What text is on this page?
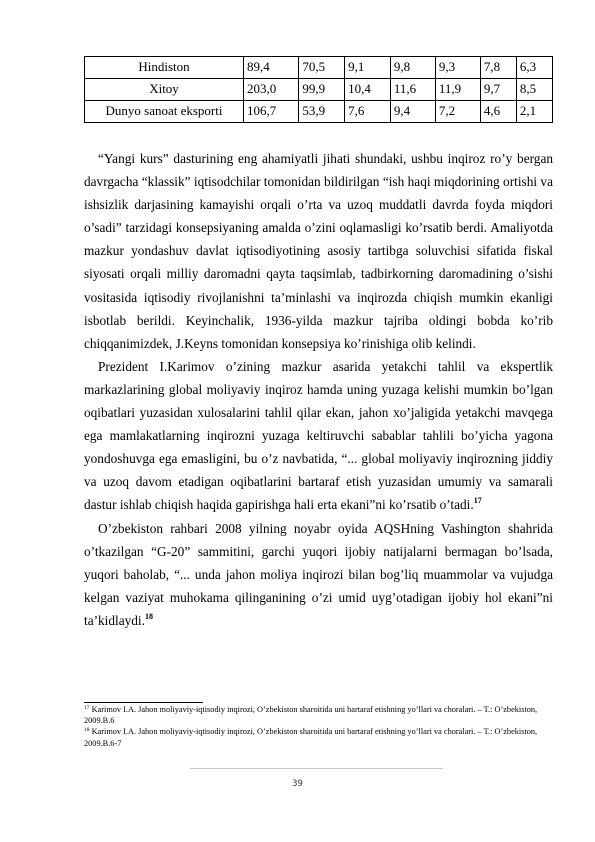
Hindiston	89,4	70,5	9,1	9,8	9,3	7,8	6,3
Xitoy	203,0	99,9	10,4	11,6	11,9	9,7	8,5
Dunyo sanoat eksporti	106,7	53,9	7,6	9,4	7,2	4,6	2,1

“Yangi kurs” dasturining eng ahamiyatli jihati shundaki, ushbu inqiroz ro’y bergan davrgacha “klassik” iqtisodchilar tomonidan bildirilgan “ish haqi miqdorining ortishi va ishsizlik darjasining kamayishi orqali o’rta va uzoq muddatli davrda foyda miqdori o’sadi” tarzidagi konsepsiyaning amalda o’zini oqlamasligi ko’rsatib berdi. Amaliyotda mazkur yondashuv davlat iqtisodiyotining asosiy tartibga soluvchisi sifatida fiskal siyosati orqali milliy daromadni qayta taqsimlab, tadbirkorning daromadining o’sishi vositasida iqtisodiy rivojlanishni ta’minlashi va inqirozda chiqish mumkin ekanligi isbotlab berildi. Keyinchalik, 1936-yilda mazkur tajriba oldingi bobda ko’rib chiqqanimizdek, J.Keyns tomonidan konsepsiya ko’rinishiga olib kelindi.

Prezident I.Karimov o’zining mazkur asarida yetakchi tahlil va ekspertlik markazlarining global moliyaviy inqiroz hamda uning yuzaga kelishi mumkin bo’lgan oqibatlari yuzasidan xulosalarini tahlil qilar ekan, jahon xo’jaligida yetakchi mavqega ega mamlakatlarning inqirozni yuzaga keltiruvchi sabablar tahlili bo’yicha yagona yondoshuvga ega emasligini, bu o’z navbatida, “... global moliyaviy inqirozning jiddiy va uzoq davom etadigan oqibatlarini bartaraf etish yuzasidan umumiy va samarali dastur ishlab chiqish haqida gapirishga hali erta ekani”ni ko’rsatib o’tadi.$^{17}$

O’zbekiston rahbari 2008 yilning noyabr oyida AQSHning Vashington shahrida o’tkazilgan “G-20” sammitini, garchi yuqori ijobiy natijalarni bermagan bo’lsada, yuqori baholab, “... unda jahon moliya inqirozi bilan bog’liq muammolar va vujudga kelgan vaziyat muhokama qilinganining o’zi umid uyg’otadigan ijobiy hol ekani”ni ta’kidlaydi.$^{18}$

$^{17}$ Karimov I.A. Jahon moliyaviy-iqtisodiy inqirozi, O’zbekiston sharoitida uni bartaraf etishning yo’llari va choralari. – T.: O’zbekiston, 2009.B.6

$^{18}$ Karimov I.A. Jahon moliyaviy-iqtisodiy inqirozi, O’zbekiston sharoitida uni bartaraf etishning yo’llari va choralari. – T.: O’zbekiston, 2009.B.6-7

39
